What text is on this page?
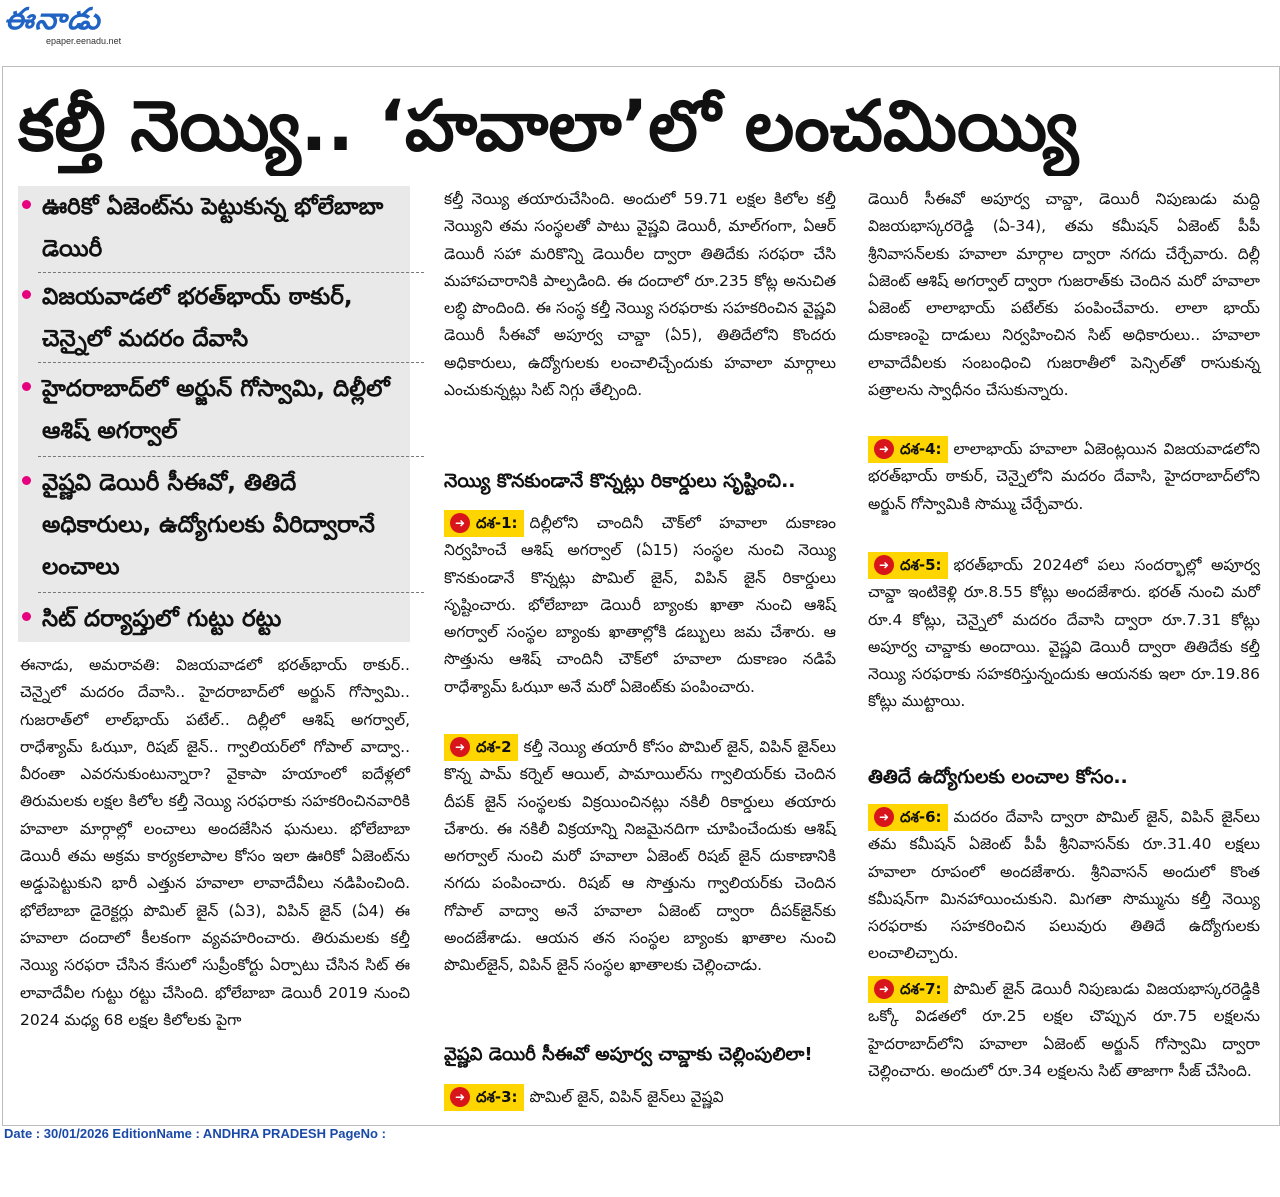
ఈనాడు
epaper.eenadu.net
కల్తీ నెయ్యి.. ‘హవాలా’లో లంచమియ్యి
ఊరికో ఏజెంట్‌ను పెట్టుకున్న భోలేబాబా డెయిరీ
విజయవాడలో భరత్‌భాయ్‌ ఠాకుర్‌, చెన్నైలో మదరం దేవాసి
హైదరాబాద్‌లో అర్జున్‌ గోస్వామి, దిల్లీలో ఆశిష్‌ అగర్వాల్‌
వైష్ణవి డెయిరీ సీఈవో, తితిదే అధికారులు, ఉద్యోగులకు వీరిద్వారానే లంచాలు
సిట్‌ దర్యాప్తులో గుట్టు రట్టు

ఈనాడు, అమరావతి: విజయవాడలో భరత్‌భాయ్‌ ఠాకుర్‌.. చెన్నైలో మదరం దేవాసి.. హైదరాబాద్‌లో అర్జున్‌ గోస్వామి.. గుజరాత్‌లో లాల్‌భాయ్‌ పటేల్‌.. దిల్లీలో ఆశిష్‌ అగర్వాల్‌, రాధేశ్యామ్‌ ఓఝూ, రిషబ్‌ జైన్‌.. గ్వాలియర్‌లో గోపాల్‌ వాద్వా.. వీరంతా ఎవరనుకుంటున్నారా? వైకాపా హయాంలో ఐదేళ్లలో తిరుమలకు లక్షల కిలోల కల్తీ నెయ్యి సరఫరాకు సహకరించినవారికి హవాలా మార్గాల్లో లంచాలు అందజేసిన ఘనులు. భోలేబాబా డెయిరీ తమ అక్రమ కార్యకలాపాల కోసం ఇలా ఊరికో ఏజెంట్‌ను అడ్డుపెట్టుకుని భారీ ఎత్తున హవాలా లావాదేవీలు నడిపించింది. భోలేబాబా డైరెక్టర్లు పొమిల్‌ జైన్‌ (ఏ3), విపిన్‌ జైన్‌ (ఏ4) ఈ హవాలా దందాలో కీలకంగా వ్యవహరించారు. తిరుమలకు కల్తీ నెయ్యి సరఫరా చేసిన కేసులో సుప్రీంకోర్టు ఏర్పాటు చేసిన సిట్‌ ఈ లావాదేవీల గుట్టు రట్టు చేసింది. భోలేబాబా డెయిరీ 2019 నుంచి 2024 మధ్య 68 లక్షల కిలోలకు పైగా

కల్తీ నెయ్యి తయారుచేసింది. అందులో 59.71 లక్షల కిలోల కల్తీ నెయ్యిని తమ సంస్థలతో పాటు వైష్ణవి డెయిరీ, మాల్‌గంగా, ఏఆర్‌ డెయిరీ సహా మరికొన్ని డెయిరీల ద్వారా తితిదేకు సరఫరా చేసి మహాపచారానికి పాల్పడింది. ఈ దందాలో రూ.235 కోట్ల అనుచిత లబ్ధి పొందింది. ఈ సంస్థ కల్తీ నెయ్యి సరఫరాకు సహకరించిన వైష్ణవి డెయిరీ సీఈవో అపూర్వ చావ్డా (ఏ5), తితిదేలోని కొందరు అధికారులు, ఉద్యోగులకు లంచాలిచ్చేందుకు హవాలా మార్గాలు ఎంచుకున్నట్లు సిట్‌ నిగ్గు తేల్చింది.

నెయ్యి కొనకుండానే కొన్నట్లు రికార్డులు సృష్టించి..

➜ దశ-1: దిల్లీలోని చాందినీ చౌక్‌లో హవాలా దుకాణం నిర్వహించే ఆశిష్‌ అగర్వాల్‌ (ఏ15) సంస్థల నుంచి నెయ్యి కొనకుండానే కొన్నట్లు పొమిల్‌ జైన్‌, విపిన్‌ జైన్‌ రికార్డులు సృష్టించారు. భోలేబాబా డెయిరీ బ్యాంకు ఖాతా నుంచి ఆశిష్‌ అగర్వాల్‌ సంస్థల బ్యాంకు ఖాతాల్లోకి డబ్బులు జమ చేశారు. ఆ సొత్తును ఆశిష్‌ చాందినీ చౌక్‌లో హవాలా దుకాణం నడిపే రాధేశ్యామ్‌ ఓఝూ అనే మరో ఏజెంట్‌కు పంపించారు.

➜ దశ-2 కల్తీ నెయ్యి తయారీ కోసం పొమిల్‌ జైన్‌, విపిన్‌ జైన్‌లు కొన్న పామ్‌ కర్నెల్‌ ఆయిల్‌, పామాయిల్‌ను గ్వాలియర్‌కు చెందిన దీపక్‌ జైన్‌ సంస్థలకు విక్రయించినట్లు నకిలీ రికార్డులు తయారు చేశారు. ఈ నకిలీ విక్రయాన్ని నిజమైనదిగా చూపించేందుకు ఆశిష్‌ అగర్వాల్‌ నుంచి మరో హవాలా ఏజెంట్‌ రిషబ్‌ జైన్‌ దుకాణానికి నగదు పంపించారు. రిషబ్‌ ఆ సొత్తును గ్వాలియర్‌కు చెందిన గోపాల్‌ వాద్వా అనే హవాలా ఏజెంట్‌ ద్వారా దీపక్‌జైన్‌కు అందజేశాడు. ఆయన తన సంస్థల బ్యాంకు ఖాతాల నుంచి పొమిల్‌జైన్‌, విపిన్‌ జైన్‌ సంస్థల ఖాతాలకు చెల్లించాడు.

వైష్ణవి డెయిరీ సీఈవో అపూర్వ చావ్డాకు చెల్లింపులిలా!

➜ దశ-3: పొమిల్‌ జైన్‌, విపిన్‌ జైన్‌లు వైష్ణవి

డెయిరీ సీఈవో అపూర్వ చావ్డా, డెయిరీ నిపుణుడు మద్ది విజయభాస్కరరెడ్డి (ఏ-34), తమ కమీషన్‌ ఏజెంట్‌ పీపీ శ్రీనివాసన్‌లకు హవాలా మార్గాల ద్వారా నగదు చేర్చేవారు. దిల్లీ ఏజెంట్‌ ఆశిష్‌ అగర్వాల్‌ ద్వారా గుజరాత్‌కు చెందిన మరో హవాలా ఏజెంట్‌ లాలాభాయ్‌ పటేల్‌కు పంపించేవారు. లాలా భాయ్‌ దుకాణంపై దాడులు నిర్వహించిన సిట్‌ అధికారులు.. హవాలా లావాదేవీలకు సంబంధించి గుజరాతీలో పెన్సిల్‌తో రాసుకున్న పత్రాలను స్వాధీనం చేసుకున్నారు.

➜ దశ-4: లాలాభాయ్‌ హవాలా ఏజెంట్లయిన విజయవాడలోని భరత్‌భాయ్‌ ఠాకుర్‌, చెన్నైలోని మదరం దేవాసి, హైదరాబాద్‌లోని అర్జున్‌ గోస్వామికి సొమ్ము చేర్చేవారు.

➜ దశ-5: భరత్‌భాయ్‌ 2024లో పలు సందర్భాల్లో అపూర్వ చావ్డా ఇంటికెళ్లి రూ.8.55 కోట్లు అందజేశారు. భరత్‌ నుంచి మరో రూ.4 కోట్లు, చెన్నైలో మదరం దేవాసి ద్వారా రూ.7.31 కోట్లు అపూర్వ చావ్డాకు అందాయి. వైష్ణవి డెయిరీ ద్వారా తితిదేకు కల్తీ నెయ్యి సరఫరాకు సహకరిస్తున్నందుకు ఆయనకు ఇలా రూ.19.86 కోట్లు ముట్టాయి.

తితిదే ఉద్యోగులకు లంచాల కోసం..

➜ దశ-6: మదరం దేవాసి ద్వారా పొమిల్‌ జైన్‌, విపిన్‌ జైన్‌లు తమ కమీషన్‌ ఏజెంట్‌ పీపీ శ్రీనివాసన్‌కు రూ.31.40 లక్షలు హవాలా రూపంలో అందజేశారు. శ్రీనివాసన్‌ అందులో కొంత కమీషన్‌గా మినహాయించుకుని. మిగతా సొమ్మును కల్తీ నెయ్యి సరఫరాకు సహకరించిన పలువురు తితిదే ఉద్యోగులకు లంచాలిచ్చారు.

➜ దశ-7: పొమిల్‌ జైన్‌ డెయిరీ నిపుణుడు విజయభాస్కరరెడ్డికి ఒక్కో విడతలో రూ.25 లక్షల చొప్పున రూ.75 లక్షలను హైదరాబాద్‌లోని హవాలా ఏజెంట్‌ అర్జున్‌ గోస్వామి ద్వారా చెల్లించారు. అందులో రూ.34 లక్షలను సిట్‌ తాజాగా సీజ్‌ చేసింది.

Date : 30/01/2026 EditionName : ANDHRA PRADESH PageNo :
